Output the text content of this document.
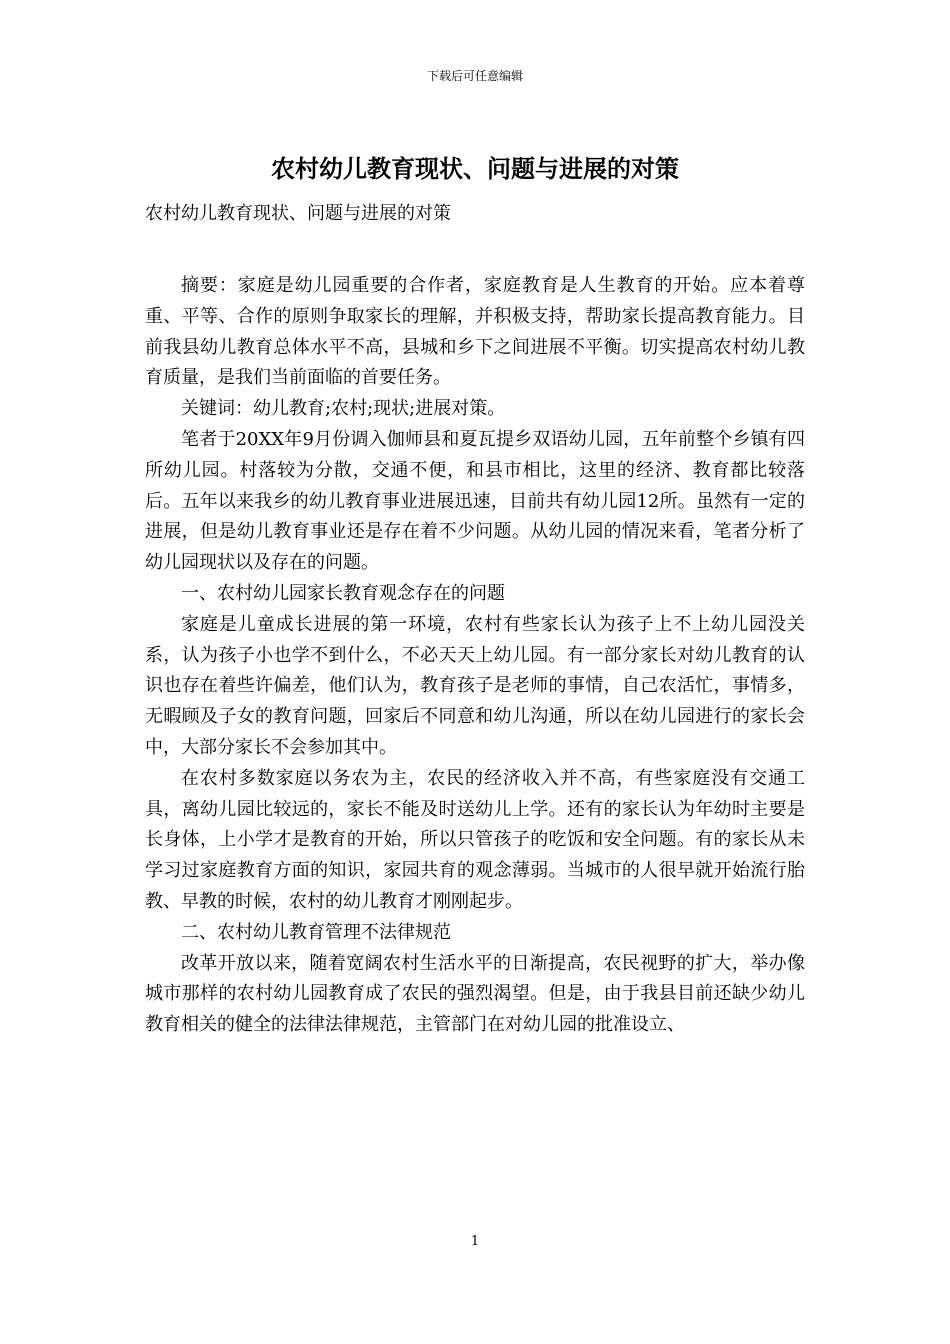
下载后可任意编辑
农村幼儿教育现状、问题与进展的对策

农村幼儿教育现状、问题与进展的对策

摘要：家庭是幼儿园重要的合作者，家庭教育是人生教育的开始。应本着尊重、平等、合作的原则争取家长的理解，并积极支持，帮助家长提高教育能力。目前我县幼儿教育总体水平不高，县城和乡下之间进展不平衡。切实提高农村幼儿教育质量，是我们当前面临的首要任务。

关键词：幼儿教育;农村;现状;进展对策。

笔者于20XX年9月份调入伽师县和夏瓦提乡双语幼儿园，五年前整个乡镇有四所幼儿园。村落较为分散，交通不便，和县市相比，这里的经济、教育都比较落后。五年以来我乡的幼儿教育事业进展迅速，目前共有幼儿园12所。虽然有一定的进展，但是幼儿教育事业还是存在着不少问题。从幼儿园的情况来看，笔者分析了幼儿园现状以及存在的问题。

一、农村幼儿园家长教育观念存在的问题

家庭是儿童成长进展的第一环境，农村有些家长认为孩子上不上幼儿园没关系，认为孩子小也学不到什么，不必天天上幼儿园。有一部分家长对幼儿教育的认识也存在着些许偏差，他们认为，教育孩子是老师的事情，自己农活忙，事情多，无暇顾及子女的教育问题，回家后不同意和幼儿沟通，所以在幼儿园进行的家长会中，大部分家长不会参加其中。

在农村多数家庭以务农为主，农民的经济收入并不高，有些家庭没有交通工具，离幼儿园比较远的，家长不能及时送幼儿上学。还有的家长认为年幼时主要是长身体，上小学才是教育的开始，所以只管孩子的吃饭和安全问题。有的家长从未学习过家庭教育方面的知识，家园共育的观念薄弱。当城市的人很早就开始流行胎教、早教的时候，农村的幼儿教育才刚刚起步。

二、农村幼儿教育管理不法律规范

改革开放以来，随着宽阔农村生活水平的日渐提高，农民视野的扩大，举办像城市那样的农村幼儿园教育成了农民的强烈渴望。但是，由于我县目前还缺少幼儿教育相关的健全的法律法律规范，主管部门在对幼儿园的批准设立、

1
